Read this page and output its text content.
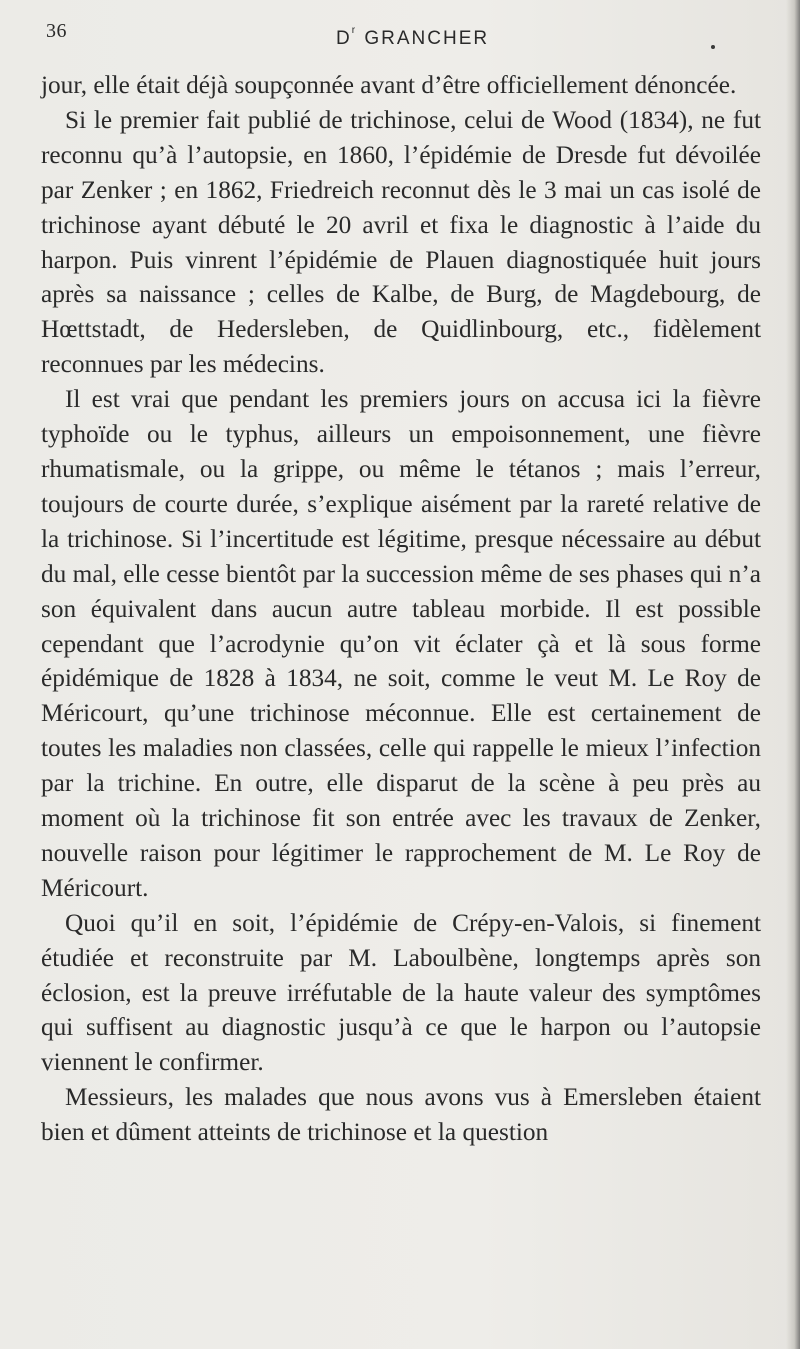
36	$D^r$ GRANCHER

jour, elle était déjà soupçonnée avant d’être officiellement dénoncée.

Si le premier fait publié de trichinose, celui de Wood (1834), ne fut reconnu qu’à l’autopsie, en 1860, l’épidémie de Dresde fut dévoilée par Zenker ; en 1862, Friedreich reconnut dès le 3 mai un cas isolé de trichinose ayant débuté le 20 avril et fixa le diagnostic à l’aide du harpon. Puis vinrent l’épidémie de Plauen diagnostiquée huit jours après sa naissance ; celles de Kalbe, de Burg, de Magdebourg, de Hœttstadt, de Hedersleben, de Quidlinbourg, etc., fidèlement reconnues par les médecins.

Il est vrai que pendant les premiers jours on accusa ici la fièvre typhoïde ou le typhus, ailleurs un empoisonnement, une fièvre rhumatismale, ou la grippe, ou même le tétanos ; mais l’erreur, toujours de courte durée, s’explique aisément par la rareté relative de la trichinose. Si l’incertitude est légitime, presque nécessaire au début du mal, elle cesse bientôt par la succession même de ses phases qui n’a son équivalent dans aucun autre tableau morbide. Il est possible cependant que l’acrodynie qu’on vit éclater çà et là sous forme épidémique de 1828 à 1834, ne soit, comme le veut M. Le Roy de Méricourt, qu’une trichinose méconnue. Elle est certainement de toutes les maladies non classées, celle qui rappelle le mieux l’infection par la trichine. En outre, elle disparut de la scène à peu près au moment où la trichinose fit son entrée avec les travaux de Zenker, nouvelle raison pour légitimer le rapprochement de M. Le Roy de Méricourt.

Quoi qu’il en soit, l’épidémie de Crépy-en-Valois, si finement étudiée et reconstruite par M. Laboulbène, longtemps après son éclosion, est la preuve irréfutable de la haute valeur des symptômes qui suffisent au diagnostic jusqu’à ce que le harpon ou l’autopsie viennent le confirmer.

Messieurs, les malades que nous avons vus à Emersleben étaient bien et dûment atteints de trichinose et la question
